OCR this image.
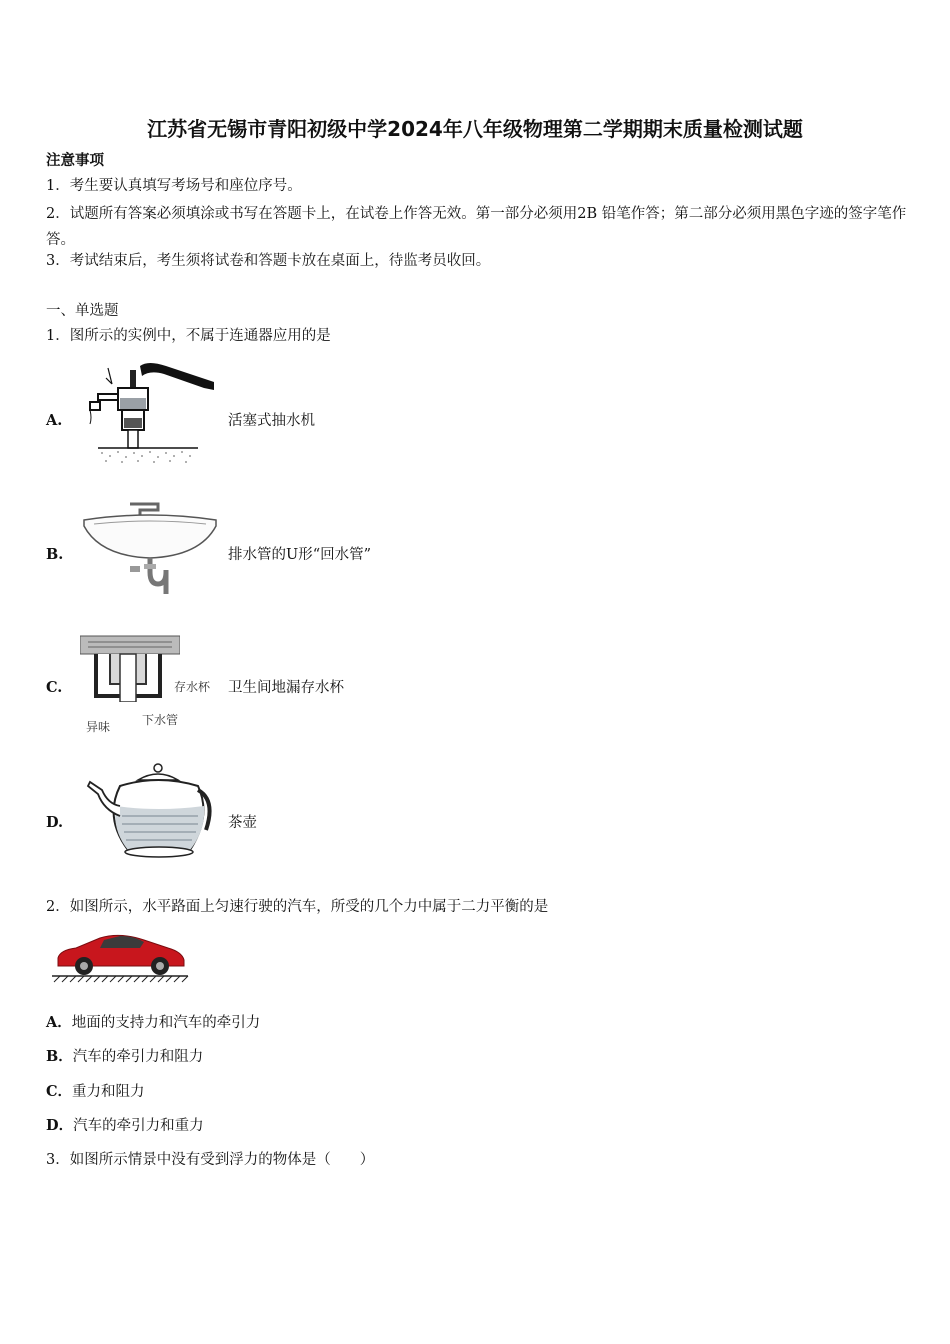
江苏省无锡市青阳初级中学2024年八年级物理第二学期期末质量检测试题
注意事项
1．考生要认真填写考场号和座位序号。
2．试题所有答案必须填涂或书写在答题卡上，在试卷上作答无效。第一部分必须用2B 铅笔作答；第二部分必须用黑色字迹的签字笔作答。
3．考试结束后，考生须将试卷和答题卡放在桌面上，待监考员收回。
一、单选题
1．图所示的实例中，不属于连通器应用的是
A.	活塞式抽水机
B.	排水管的U形“回水管”
C.	存水杯
异味	下水管
卫生间地漏存水杯
D.	茶壶
2．如图所示，水平路面上匀速行驶的汽车，所受的几个力中属于二力平衡的是
A．地面的支持力和汽车的牵引力
B．汽车的牵引力和阻力
C．重力和阻力
D．汽车的牵引力和重力
3．如图所示情景中没有受到浮力的物体是（　　）
